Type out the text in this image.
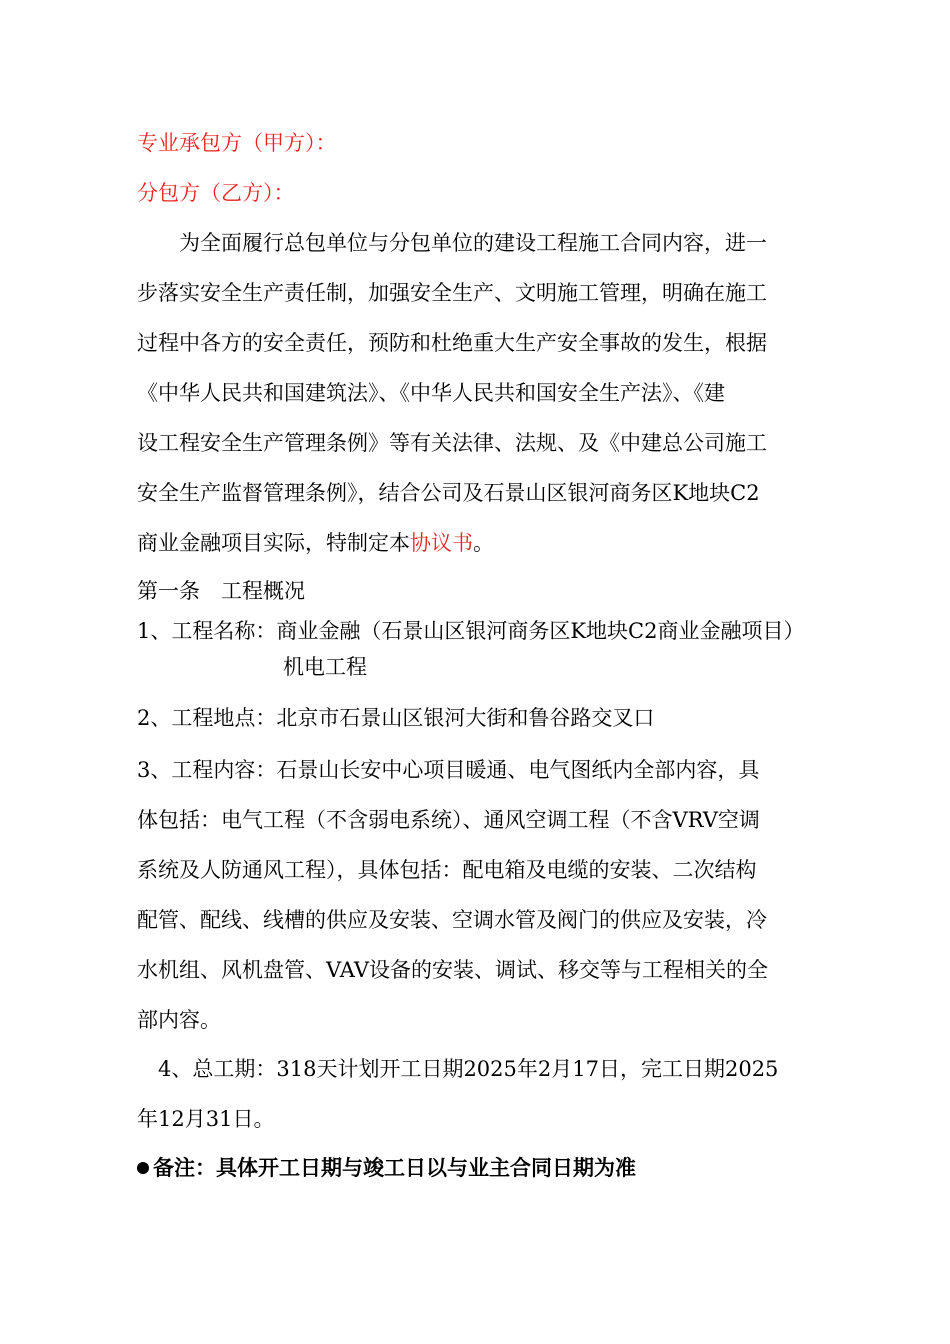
专业承包方（甲方）：
分包方（乙方）：
为全面履行总包单位与分包单位的建设工程施工合同内容，进一
步落实安全生产责任制，加强安全生产、文明施工管理，明确在施工
过程中各方的安全责任，预防和杜绝重大生产安全事故的发生，根据
《中华人民共和国建筑法》、《中华人民共和国安全生产法》、《建
设工程安全生产管理条例》等有关法律、法规、及《中建总公司施工
安全生产监督管理条例》，结合公司及石景山区银河商务区K地块C2
商业金融项目实际，特制定本协议书。
第一条　工程概况
1、工程名称：商业金融（石景山区银河商务区K地块C2商业金融项目）
机电工程
2、工程地点：北京市石景山区银河大街和鲁谷路交叉口
3、工程内容：石景山长安中心项目暖通、电气图纸内全部内容，具
体包括：电气工程（不含弱电系统）、通风空调工程（不含VRV空调
系统及人防通风工程），具体包括：配电箱及电缆的安装、二次结构
配管、配线、线槽的供应及安装、空调水管及阀门的供应及安装，冷
水机组、风机盘管、VAV设备的安装、调试、移交等与工程相关的全
部内容。
4、总工期：318天计划开工日期2025年2月17日，完工日期2025
年12月31日。
备注：具体开工日期与竣工日以与业主合同日期为准
